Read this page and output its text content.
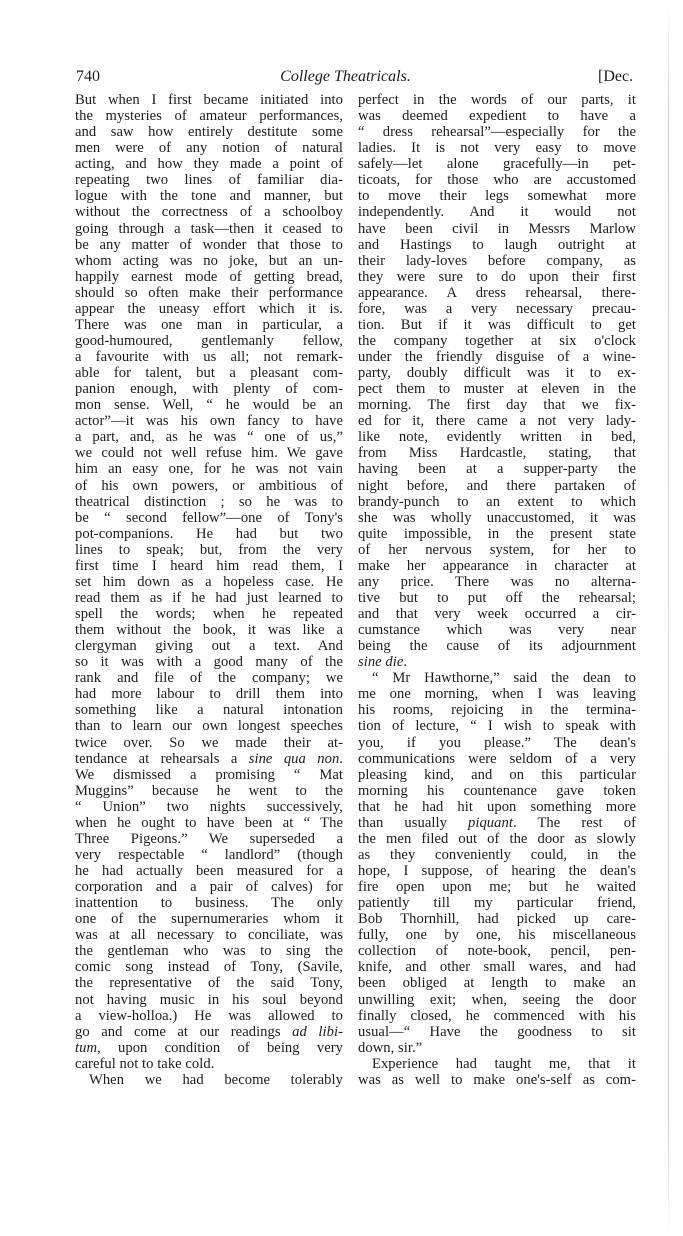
740	College Theatricals.	[Dec.
But when I first became initiated into
the mysteries of amateur performances,
and saw how entirely destitute some
men were of any notion of natural
acting, and how they made a point of
repeating two lines of familiar dia-
logue with the tone and manner, but
without the correctness of a schoolboy
going through a task—then it ceased to
be any matter of wonder that those to
whom acting was no joke, but an un-
happily earnest mode of getting bread,
should so often make their performance
appear the uneasy effort which it is.
There was one man in particular, a
good-humoured, gentlemanly fellow,
a favourite with us all; not remark-
able for talent, but a pleasant com-
panion enough, with plenty of com-
mon sense. Well, “ he would be an
actor”—it was his own fancy to have
a part, and, as he was “ one of us,”
we could not well refuse him. We gave
him an easy one, for he was not vain
of his own powers, or ambitious of
theatrical distinction ; so he was to
be “ second fellow”—one of Tony's
pot-companions. He had but two
lines to speak; but, from the very
first time I heard him read them, I
set him down as a hopeless case. He
read them as if he had just learned to
spell the words; when he repeated
them without the book, it was like a
clergyman giving out a text. And
so it was with a good many of the
rank and file of the company; we
had more labour to drill them into
something like a natural intonation
than to learn our own longest speeches
twice over. So we made their at-
tendance at rehearsals a sine qua non.
We dismissed a promising “ Mat
Muggins” because he went to the
“ Union” two nights successively,
when he ought to have been at “ The
Three Pigeons.” We superseded a
very respectable “ landlord” (though
he had actually been measured for a
corporation and a pair of calves) for
inattention to business. The only
one of the supernumeraries whom it
was at all necessary to conciliate, was
the gentleman who was to sing the
comic song instead of Tony, (Savile,
the representative of the said Tony,
not having music in his soul beyond
a view-holloa.) He was allowed to
go and come at our readings ad libi-
tum, upon condition of being very
careful not to take cold.
When we had become tolerably
perfect in the words of our parts, it
was deemed expedient to have a
“ dress rehearsal”—especially for the
ladies. It is not very easy to move
safely—let alone gracefully—in pet-
ticoats, for those who are accustomed
to move their legs somewhat more
independently. And it would not
have been civil in Messrs Marlow
and Hastings to laugh outright at
their lady-loves before company, as
they were sure to do upon their first
appearance. A dress rehearsal, there-
fore, was a very necessary precau-
tion. But if it was difficult to get
the company together at six o'clock
under the friendly disguise of a wine-
party, doubly difficult was it to ex-
pect them to muster at eleven in the
morning. The first day that we fix-
ed for it, there came a not very lady-
like note, evidently written in bed,
from Miss Hardcastle, stating, that
having been at a supper-party the
night before, and there partaken of
brandy-punch to an extent to which
she was wholly unaccustomed, it was
quite impossible, in the present state
of her nervous system, for her to
make her appearance in character at
any price. There was no alterna-
tive but to put off the rehearsal;
and that very week occurred a cir-
cumstance which was very near
being the cause of its adjournment
sine die.
“ Mr Hawthorne,” said the dean to
me one morning, when I was leaving
his rooms, rejoicing in the termina-
tion of lecture, “ I wish to speak with
you, if you please.” The dean's
communications were seldom of a very
pleasing kind, and on this particular
morning his countenance gave token
that he had hit upon something more
than usually piquant. The rest of
the men filed out of the door as slowly
as they conveniently could, in the
hope, I suppose, of hearing the dean's
fire open upon me; but he waited
patiently till my particular friend,
Bob Thornhill, had picked up care-
fully, one by one, his miscellaneous
collection of note-book, pencil, pen-
knife, and other small wares, and had
been obliged at length to make an
unwilling exit; when, seeing the door
finally closed, he commenced with his
usual—“ Have the goodness to sit
down, sir.”
Experience had taught me, that it
was as well to make one's-self as com-
